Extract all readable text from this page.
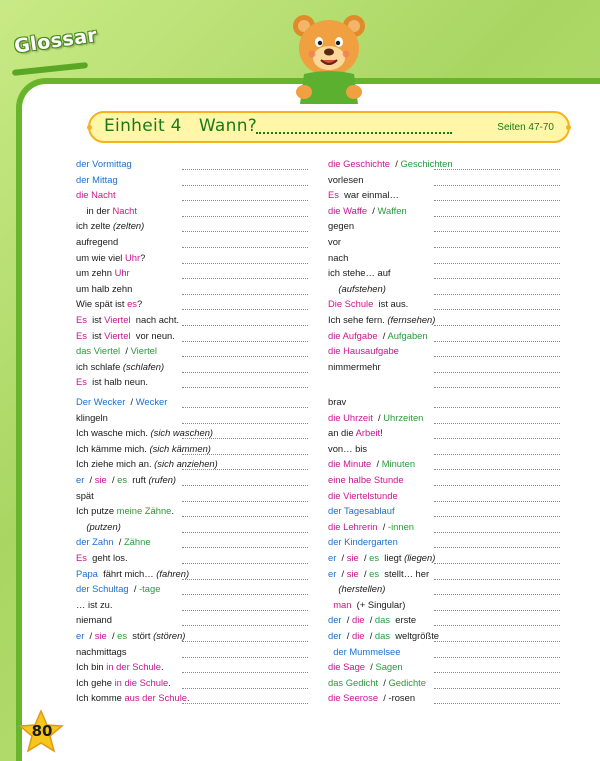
Glossar
Einheit 4 Wann?	Seiten 47-70
der Vormittag
der Mittag
die Nacht
in der Nacht
ich zelte (zelten)
aufregend
um wie viel Uhr?
um zehn Uhr
um halb zehn
Wie spät ist es?
Es  ist Viertel  nach acht.
Es  ist Viertel  vor neun.
das Viertel  / Viertel
ich schlafe (schlafen)
Es  ist halb neun.
Der Wecker  / Wecker
klingeln
Ich wasche mich. (sich waschen)
Ich kämme mich. (sich kämmen)
Ich ziehe mich an. (sich anziehen)
er  / sie  / es  ruft (rufen)
spät
Ich putze meine Zähne.
(putzen)
der Zahn  / Zähne
Es  geht los.
Papa  fährt mich… (fahren)
der Schultag  / -tage
… ist zu.
niemand
er  / sie  / es  stört (stören)
nachmittags
Ich bin in der Schule.
Ich gehe in die Schule.
Ich komme aus der Schule.
die Geschichte  / Geschichten
vorlesen
Es  war einmal…
die Waffe  / Waffen
gegen
vor
nach
ich stehe… auf
(aufstehen)
Die Schule  ist aus.
Ich sehe fern. (fernsehen)
die Aufgabe  / Aufgaben
die Hausaufgabe
nimmermehr
brav
die Uhrzeit  / Uhrzeiten
an die Arbeit!
von… bis
die Minute  / Minuten
eine halbe Stunde
die Viertelstunde
der Tagesablauf
die Lehrerin  / -innen
der Kindergarten
er  / sie  / es  liegt (liegen)
er  / sie  / es  stellt… her
(herstellen)
man  (+ Singular)
der  / die  / das  erste
der  / die  / das  weltgrößte
der Mummelsee
die Sage  / Sagen
das Gedicht  / Gedichte
die Seerose  / -rosen
80
